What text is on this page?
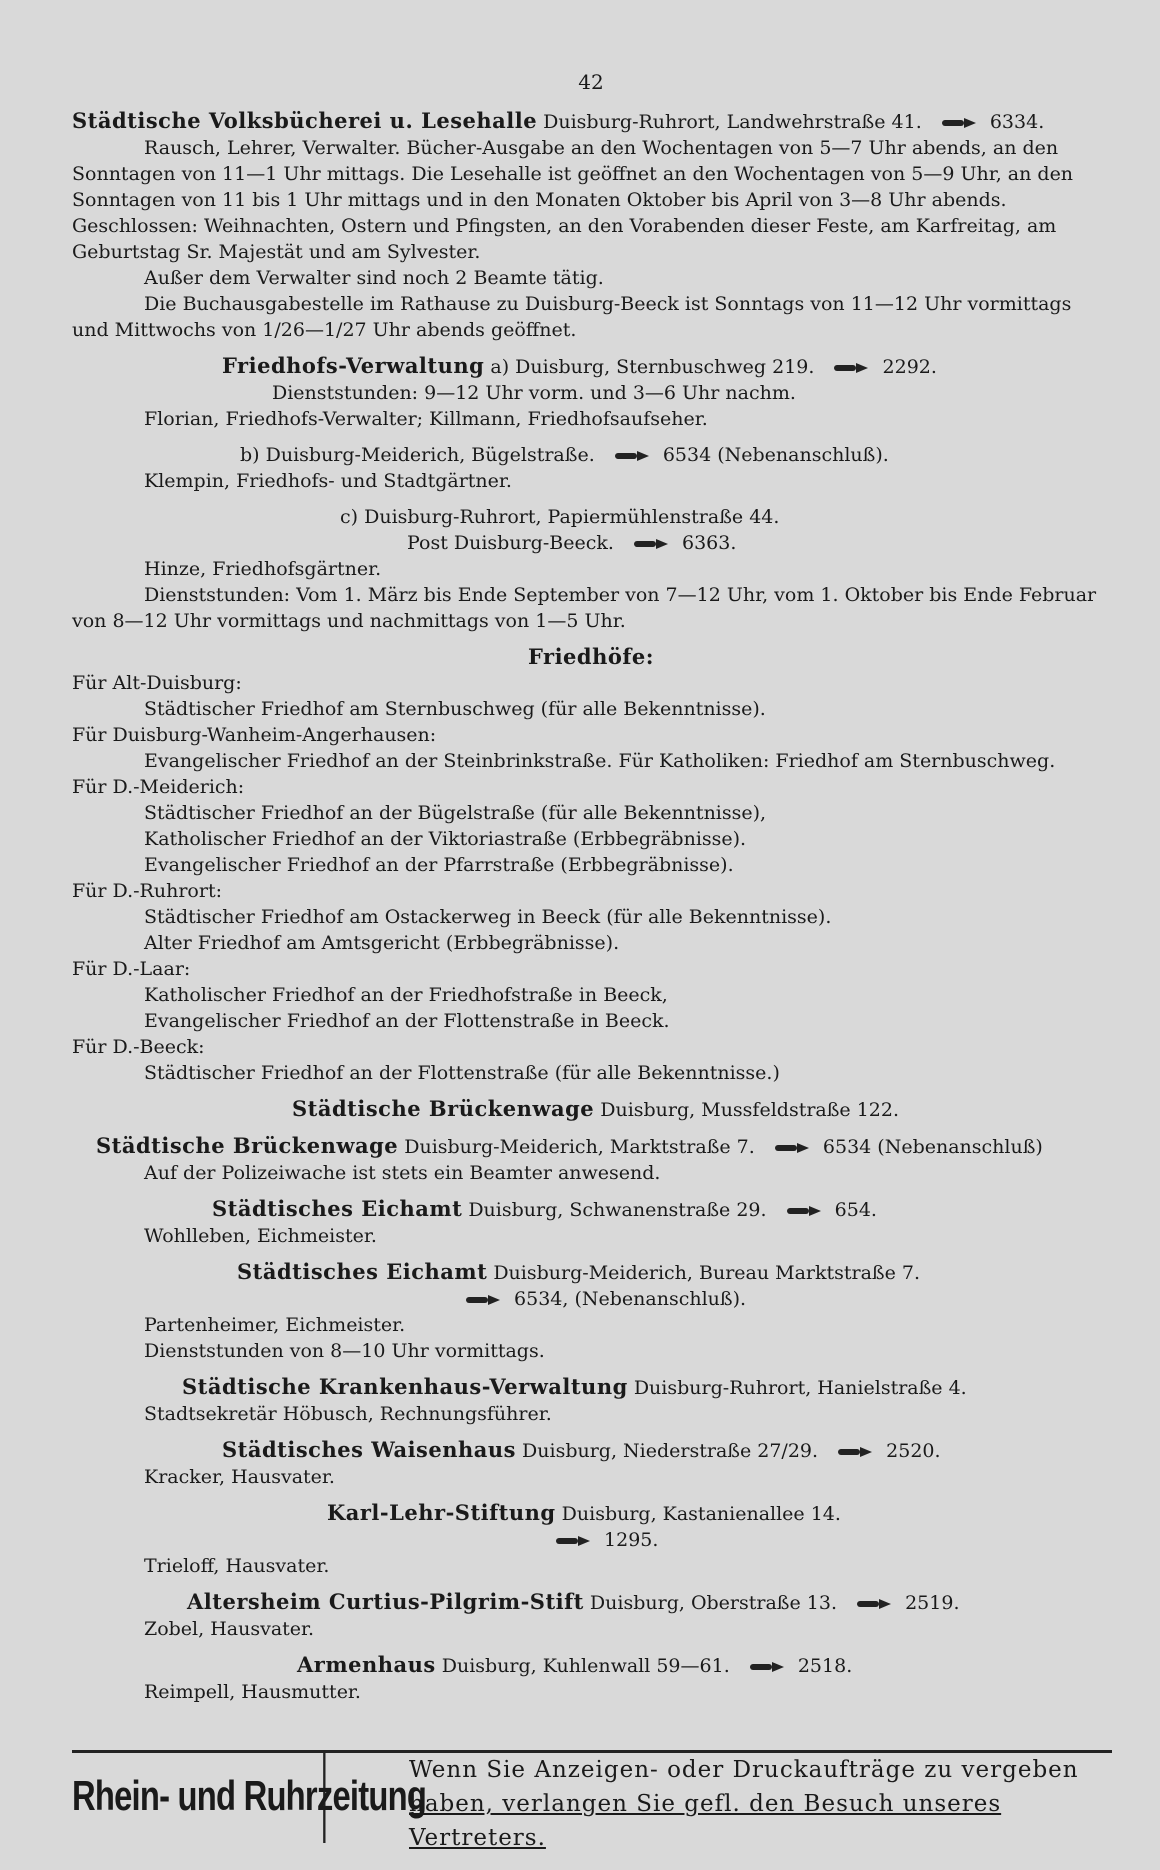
42

Städtische Volksbücherei u. Lesehalle Duisburg-Ruhrort, Landwehrstraße 41.	6334.

Rausch, Lehrer, Verwalter. Bücher-Ausgabe an den Wochentagen von 5—7 Uhr abends, an den Sonntagen von 11—1 Uhr mittags. Die Lesehalle ist geöffnet an den Wochentagen von 5—9 Uhr, an den Sonntagen von 11 bis 1 Uhr mittags und in den Monaten Oktober bis April von 3—8 Uhr abends. Geschlossen: Weihnachten, Ostern und Pfingsten, an den Vorabenden dieser Feste, am Karfreitag, am Geburtstag Sr. Majestät und am Sylvester.

Außer dem Verwalter sind noch 2 Beamte tätig.

Die Buchausgabestelle im Rathause zu Duisburg-Beeck ist Sonntags von 11—12 Uhr vormittags und Mittwochs von 1/26—1/27 Uhr abends geöffnet.

Friedhofs-Verwaltung a) Duisburg, Sternbuschweg 219.	2292.

Dienststunden: 9—12 Uhr vorm. und 3—6 Uhr nachm.

Florian, Friedhofs-Verwalter; Killmann, Friedhofsaufseher.

b) Duisburg-Meiderich, Bügelstraße.	6534 (Nebenanschluß).

Klempin, Friedhofs- und Stadtgärtner.

c) Duisburg-Ruhrort, Papiermühlenstraße 44.

Post Duisburg-Beeck.	6363.

Hinze, Friedhofsgärtner.

Dienststunden: Vom 1. März bis Ende September von 7—12 Uhr, vom 1. Oktober bis Ende Februar von 8—12 Uhr vormittags und nachmittags von 1—5 Uhr.

Friedhöfe:

Für Alt-Duisburg:

Städtischer Friedhof am Sternbuschweg (für alle Bekenntnisse).

Für Duisburg-Wanheim-Angerhausen:

Evangelischer Friedhof an der Steinbrinkstraße. Für Katholiken: Friedhof am Sternbuschweg.

Für D.-Meiderich:

Städtischer Friedhof an der Bügelstraße (für alle Bekenntnisse),

Katholischer Friedhof an der Viktoriastraße (Erbbegräbnisse).

Evangelischer Friedhof an der Pfarrstraße (Erbbegräbnisse).

Für D.-Ruhrort:

Städtischer Friedhof am Ostackerweg in Beeck (für alle Bekenntnisse).

Alter Friedhof am Amtsgericht (Erbbegräbnisse).

Für D.-Laar:

Katholischer Friedhof an der Friedhofstraße in Beeck,

Evangelischer Friedhof an der Flottenstraße in Beeck.

Für D.-Beeck:

Städtischer Friedhof an der Flottenstraße (für alle Bekenntnisse.)

Städtische Brückenwage Duisburg, Mussfeldstraße 122.

Städtische Brückenwage Duisburg-Meiderich, Marktstraße 7.	6534 (Nebenanschluß)

Auf der Polizeiwache ist stets ein Beamter anwesend.

Städtisches Eichamt Duisburg, Schwanenstraße 29.	654.

Wohlleben, Eichmeister.

Städtisches Eichamt Duisburg-Meiderich, Bureau Marktstraße 7.

6534, (Nebenanschluß).

Partenheimer, Eichmeister.

Dienststunden von 8—10 Uhr vormittags.

Städtische Krankenhaus-Verwaltung Duisburg-Ruhrort, Hanielstraße 4.

Stadtsekretär Höbusch, Rechnungsführer.

Städtisches Waisenhaus Duisburg, Niederstraße 27/29.	2520.

Kracker, Hausvater.

Karl-Lehr-Stiftung Duisburg, Kastanienallee 14.

1295.

Trieloff, Hausvater.

Altersheim Curtius-Pilgrim-Stift Duisburg, Oberstraße 13.	2519.

Zobel, Hausvater.

Armenhaus Duisburg, Kuhlenwall 59—61.	2518.

Reimpell, Hausmutter.

Rhein- und Ruhrzeitung
Wenn Sie Anzeigen- oder Druckaufträge zu vergeben
haben, verlangen Sie gefl. den Besuch unseres Vertreters.
